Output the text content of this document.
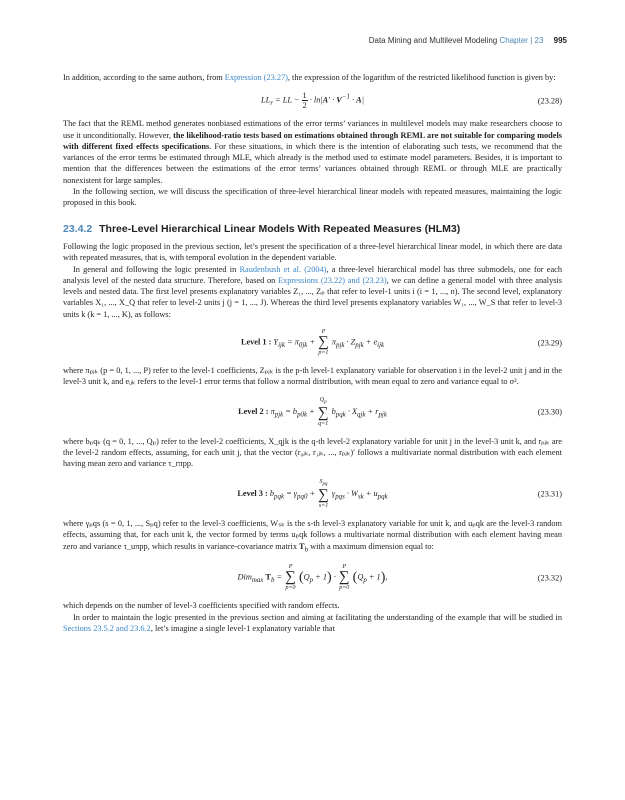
Data Mining and Multilevel Modeling Chapter | 23 995

In addition, according to the same authors, from Expression (23.27), the expression of the logarithm of the restricted likelihood function is given by:

$LL_r$ = LL − $\frac{1}{2} \cdot \ln|A' \cdot V^{-1} \cdot A|$	(23.28)

The fact that the REML method generates nonbiased estimations of the error terms’ variances in multilevel models may make researchers choose to use it unconditionally. However, the likelihood-ratio tests based on estimations obtained through REML are not suitable for comparing models with different fixed effects specifications. For these situations, in which there is the intention of elaborating such tests, we recommend that the variances of the error terms be estimated through MLE, which already is the method used to estimate model parameters. Besides, it is important to mention that the differences between the estimations of the error terms’ variances obtained through REML or through MLE are practically nonexistent for large samples.

In the following section, we will discuss the specification of three-level hierarchical linear models with repeated measures, maintaining the logic proposed in this book.

23.4.2 Three-Level Hierarchical Linear Models With Repeated Measures (HLM3)

Following the logic proposed in the previous section, let’s present the specification of a three-level hierarchical linear model, in which there are data with repeated measures, that is, with temporal evolution in the dependent variable.

In general and following the logic presented in Raudenbush et al. (2004), a three-level hierarchical model has three submodels, one for each analysis level of the nested data structure. Therefore, based on Expressions (23.22) and (23.23), we can define a general model with three analysis levels and nested data. The first level presents explanatory variables Z₁, ..., Zₚ that refer to level-1 units i (i = 1, ..., n). The second level, explanatory variables X₁, ..., X_Q that refer to level-2 units j (j = 1, ..., J). Whereas the third level presents explanatory variables W₁, ..., W_S that refer to level-3 units k (k = 1, ..., K), as follows:

Level 1 : $Y_{ijk} = \pi_{0jk}$ +
P
∑
p=1
$\pi_{pjk} \cdot Z_{pjk} + e_{ijk}$	(23.29)

where πₚⱼₖ (p = 0, 1, ..., P) refer to the level-1 coefficients, Zₚⱼₖ is the p-th level-1 explanatory variable for observation i in the level-2 unit j and in the level-3 unit k, and eᵢⱼₖ refers to the level-1 error terms that follow a normal distribution, with mean equal to zero and variance equal to σ².

Level 2 : $\pi_{pjk} = b_{p0k}$ +
$Q_p$
∑
q=1
$b_{pqk} \cdot X_{qjk} + r_{pjk}$	(23.30)

where bₚqₖ (q = 0, 1, ..., Qₚ) refer to the level-2 coefficients, X_qjk is the q-th level-2 explanatory variable for unit j in the level-3 unit k, and rₚⱼₖ are the level-2 random effects, assuming, for each unit j, that the vector (r₀ⱼₖ, r₁ⱼₖ, ..., rₚⱼₖ)′ follows a multivariate normal distribution with each element having mean zero and variance τ_rπpp.

Level 3 : $b_{pqk} = \gamma_{pq0}$ +
$S_{pq}$
∑
s=1
$\gamma_{pqs} \cdot W_{sk} + u_{pqk}$	(23.31)

where γₚqs (s = 0, 1, ..., Sₚq) refer to the level-3 coefficients, Wₛₖ is the s-th level-3 explanatory variable for unit k, and uₚqk are the level-3 random effects, assuming that, for each unit k, the vector formed by terms uₚqk follows a multivariate normal distribution with each element having mean zero and variance τ_uπpp, which results in variance-covariance matrix $T_b$ with a maximum dimension equal to:

Dim$_{max}$ $T_b$ =
P
∑
p=0
$(Q_p + 1)$ ·
P
∑
p=0
$(Q_p + 1)$,	(23.32)

which depends on the number of level-3 coefficients specified with random effects.

In order to maintain the logic presented in the previous section and aiming at facilitating the understanding of the example that will be studied in Sections 23.5.2 and 23.6.2, let’s imagine a single level-1 explanatory variable that
